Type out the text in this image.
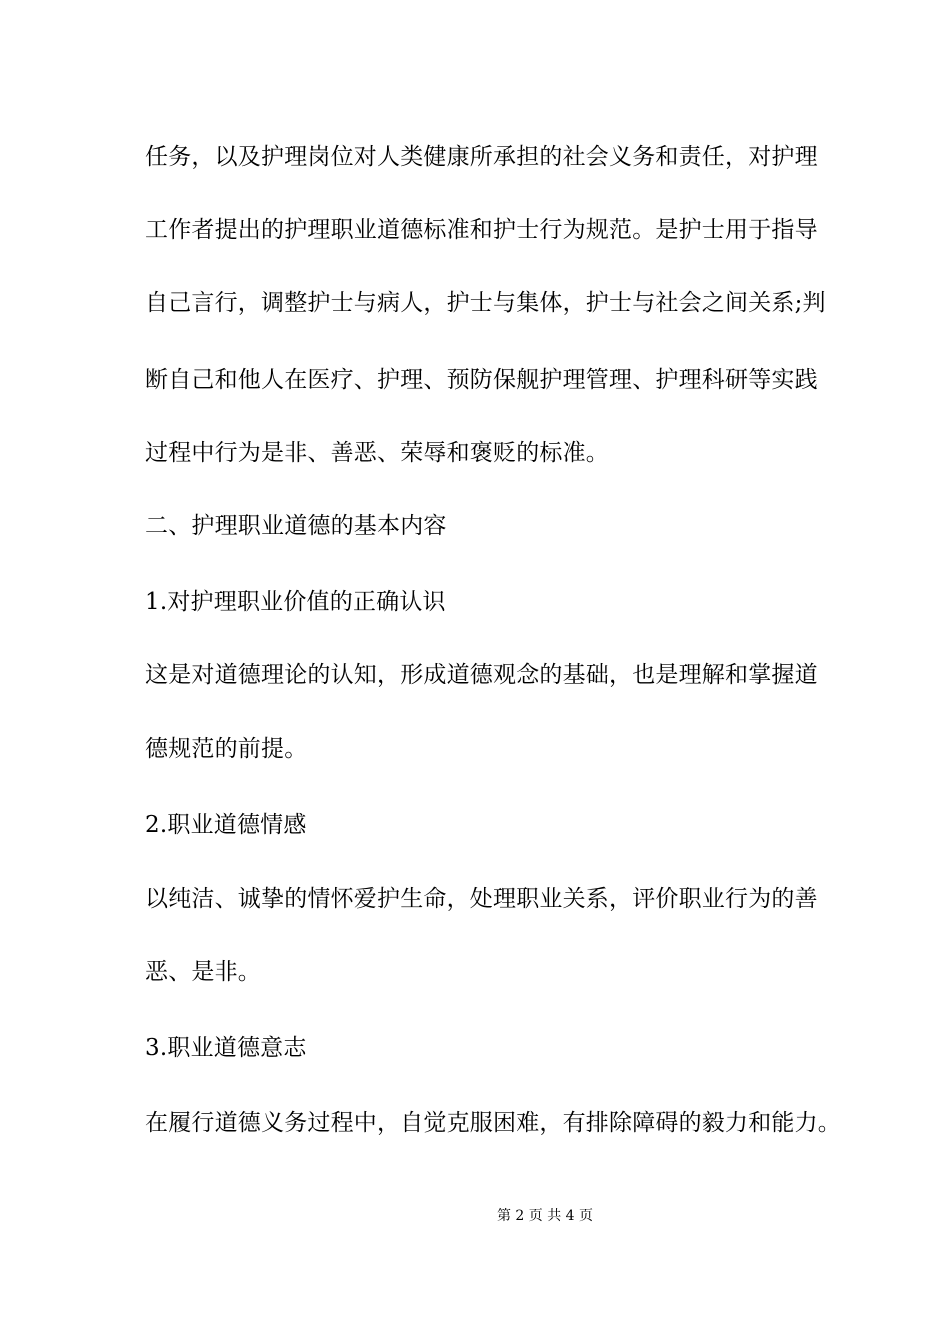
任务，以及护理岗位对人类健康所承担的社会义务和责任，对护理
工作者提出的护理职业道德标准和护士行为规范。是护士用于指导
自己言行，调整护士与病人，护士与集体，护士与社会之间关系;判
断自己和他人在医疗、护理、预防保舰护理管理、护理科研等实践
过程中行为是非、善恶、荣辱和褒贬的标准。
二、护理职业道德的基本内容
1.对护理职业价值的正确认识
这是对道德理论的认知，形成道德观念的基础，也是理解和掌握道
德规范的前提。
2.职业道德情感
以纯洁、诚挚的情怀爱护生命，处理职业关系，评价职业行为的善
恶、是非。
3.职业道德意志
在履行道德义务过程中，自觉克服困难，有排除障碍的毅力和能力。
第 2 页 共 4 页
